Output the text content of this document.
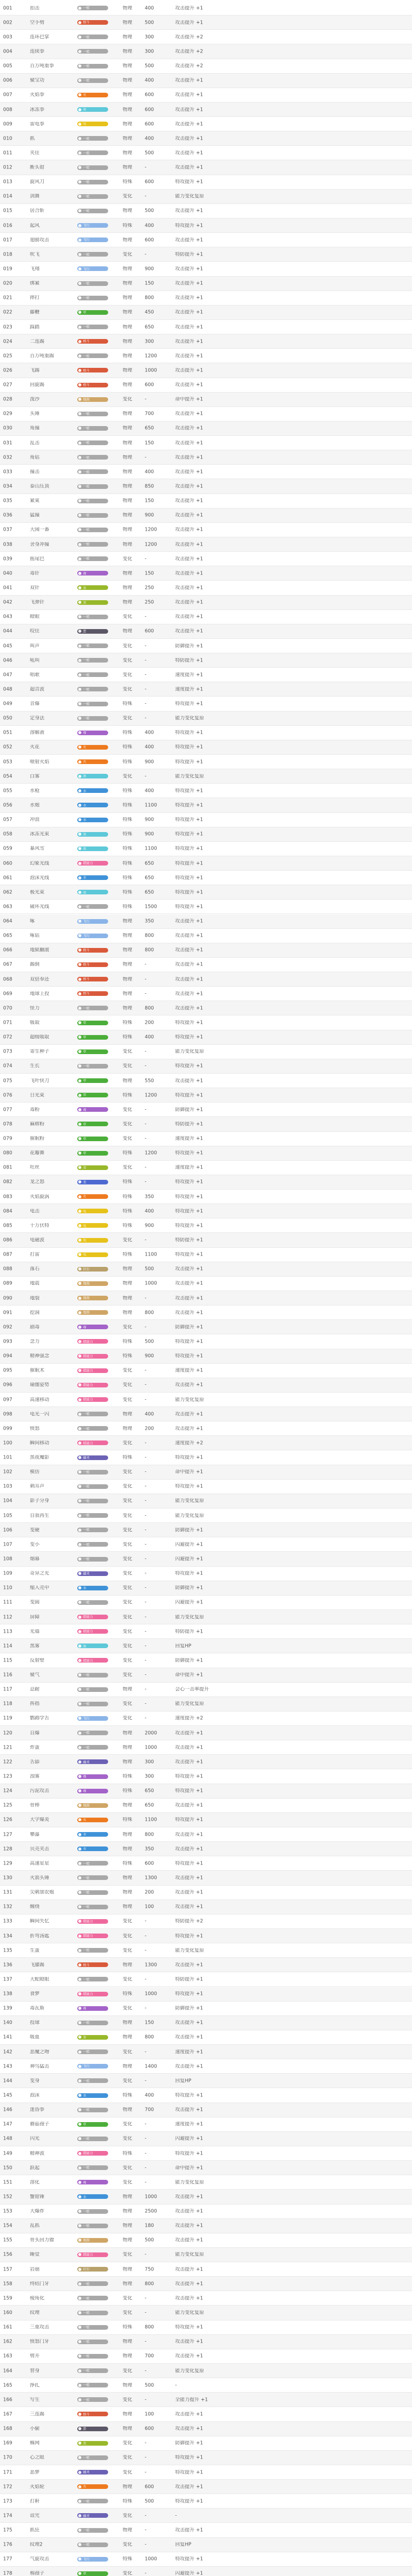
001	拍击	一般	物理	400	攻击提升 +1
002	空手劈	格斗	物理	500	攻击提升 +1
003	连环巴掌	一般	物理	300	攻击提升 +2
004	连续拳	一般	物理	300	攻击提升 +2
005	百万吨重拳	一般	物理	500	攻击提升 +2
006	聚宝功	一般	物理	400	攻击提升 +1
007	火焰拳	火	物理	600	攻击提升 +1
008	冰冻拳	冰	物理	600	攻击提升 +1
009	雷电拳	电	物理	600	攻击提升 +1
010	抓	一般	物理	400	攻击提升 +1
011	夹住	一般	物理	500	攻击提升 +1
012	断头钳	一般	物理	-	攻击提升 +1
013	旋风刀	一般	特殊	600	特攻提升 +1
014	剑舞	一般	变化	-	能力变化复原
015	居合斩	一般	物理	500	攻击提升 +1
016	起风	飞行	特殊	400	特攻提升 +1
017	翅膀攻击	飞行	物理	600	攻击提升 +1
018	吹飞	一般	变化	-	特防提升 +1
019	飞翔	飞行	物理	900	攻击提升 +1
020	绑紧	一般	物理	150	攻击提升 +1
021	摔打	一般	物理	800	攻击提升 +1
022	藤鞭	草	物理	450	攻击提升 +1
023	踩踏	一般	物理	650	攻击提升 +1
024	二连踢	格斗	物理	300	攻击提升 +1
025	百万吨重踢	一般	物理	1200	攻击提升 +1
026	飞踢	格斗	物理	1000	攻击提升 +1
027	回旋踢	格斗	物理	600	攻击提升 +1
028	泼沙	地面	变化	-	命中提升 +1
029	头锤	一般	物理	700	攻击提升 +1
030	角撞	一般	物理	650	攻击提升 +1
031	乱击	一般	物理	150	攻击提升 +1
032	角钻	一般	物理	-	攻击提升 +1
033	撞击	一般	物理	400	攻击提升 +1
034	泰山压顶	一般	物理	850	攻击提升 +1
035	紧束	一般	物理	150	攻击提升 +1
036	猛撞	一般	物理	900	攻击提升 +1
037	大闹一番	一般	物理	1200	攻击提升 +1
038	舍身冲撞	一般	物理	1200	攻击提升 +1
039	摇尾巴	一般	变化	-	攻击提升 +1
040	毒针	毒	物理	150	攻击提升 +1
041	双针	虫	物理	250	攻击提升 +1
042	飞弹针	虫	物理	250	攻击提升 +1
043	瞪眼	一般	变化	-	攻击提升 +1
044	咬住	恶	物理	600	攻击提升 +1
045	叫声	一般	变化	-	防御提升 +1
046	吼叫	一般	变化	-	特防提升 +1
047	唱歌	一般	变化	-	速度提升 +1
048	超音波	一般	变化	-	速度提升 +1
049	音爆	一般	特殊	-	特攻提升 +1
050	定身法	一般	变化	-	能力变化复原
051	溶解液	毒	特殊	400	特攻提升 +1
052	火花	火	特殊	400	特攻提升 +1
053	喷射火焰	火	特殊	900	特攻提升 +1
054	白雾	冰	变化	-	能力变化复原
055	水枪	水	特殊	400	特攻提升 +1
056	水炮	水	特殊	1100	特攻提升 +1
057	冲浪	水	特殊	900	特攻提升 +1
058	冰冻光束	冰	特殊	900	特攻提升 +1
059	暴风雪	冰	特殊	1100	特攻提升 +1
060	幻象光线	超能力	特殊	650	特攻提升 +1
061	泡沫光线	水	特殊	650	特攻提升 +1
062	极光束	冰	特殊	650	特攻提升 +1
063	破坏光线	一般	特殊	1500	特攻提升 +1
064	啄	飞行	物理	350	攻击提升 +1
065	啄钻	飞行	物理	800	攻击提升 +1
066	地狱翻滚	格斗	物理	800	攻击提升 +1
067	踢倒	格斗	物理	-	攻击提升 +1
068	双倍奉还	格斗	物理	-	攻击提升 +1
069	地球上投	格斗	物理	-	攻击提升 +1
070	怪力	一般	物理	800	攻击提升 +1
071	吸取	草	特殊	200	特攻提升 +1
072	超级吸取	草	特殊	400	特攻提升 +1
073	寄生种子	草	变化	-	能力变化复原
074	生长	一般	变化	-	特攻提升 +1
075	飞叶快刀	草	物理	550	攻击提升 +1
076	日光束	草	特殊	1200	特攻提升 +1
077	毒粉	毒	变化	-	防御提升 +1
078	麻痹粉	草	变化	-	特防提升 +1
079	催眠粉	草	变化	-	速度提升 +1
080	花瓣舞	草	特殊	1200	特攻提升 +1
081	吐丝	虫	变化	-	速度提升 +1
082	龙之怒	龙	特殊	-	特攻提升 +1
083	火焰旋涡	火	特殊	350	特攻提升 +1
084	电击	电	特殊	400	特攻提升 +1
085	十万伏特	电	特殊	900	特攻提升 +1
086	电磁波	电	变化	-	特防提升 +1
087	打雷	电	特殊	1100	特攻提升 +1
088	落石	岩石	物理	500	攻击提升 +1
089	地震	地面	物理	1000	攻击提升 +1
090	地裂	地面	物理	-	攻击提升 +1
091	挖洞	地面	物理	800	攻击提升 +1
092	剧毒	毒	变化	-	防御提升 +1
093	念力	超能力	特殊	500	特攻提升 +1
094	精神强念	超能力	特殊	900	特攻提升 +1
095	催眠术	超能力	变化	-	速度提升 +1
096	瑜伽姿势	超能力	变化	-	攻击提升 +1
097	高速移动	超能力	变化	-	能力变化复原
098	电光一闪	一般	物理	400	攻击提升 +1
099	愤怒	一般	物理	200	攻击提升 +1
100	瞬间移动	超能力	变化	-	速度提升 +2
101	黑夜魔影	幽灵	特殊	-	特攻提升 +1
102	模仿	一般	变化	-	命中提升 +1
103	刺耳声	一般	变化	-	特攻提升 +1
104	影子分身	一般	变化	-	能力变化复原
105	自我再生	一般	变化	-	能力变化复原
106	变硬	一般	变化	-	防御提升 +1
107	变小	一般	变化	-	闪避提升 +1
108	烟幕	一般	变化	-	闪避提升 +1
109	奇异之光	幽灵	变化	-	特攻提升 +1
110	缩入壳中	水	变化	-	防御提升 +1
111	变圆	一般	变化	-	闪避提升 +1
112	屏障	超能力	变化	-	能力变化复原
113	光墙	超能力	变化	-	特防提升 +1
114	黑雾	冰	变化	-	回复HP
115	反射壁	超能力	变化	-	防御提升 +1
116	聚气	一般	变化	-	命中提升 +1
117	忍耐	一般	物理	-	会心一击率提升
118	挥指	一般	变化	-	能力变化复原
119	鹦鹉学舌	飞行	变化	-	速度提升 +2
120	自爆	一般	物理	2000	攻击提升 +1
121	炸蛋	一般	物理	1000	攻击提升 +1
122	舌舔	幽灵	物理	300	攻击提升 +1
123	浊雾	毒	特殊	300	特攻提升 +1
124	污泥攻击	毒	特殊	650	特攻提升 +1
125	骨棒	地面	物理	650	攻击提升 +1
126	大字爆炎	火	特殊	1100	特攻提升 +1
127	攀瀑	水	物理	800	攻击提升 +1
128	贝壳夹击	水	物理	350	攻击提升 +1
129	高速星星	一般	特殊	600	特攻提升 +1
130	火箭头锤	一般	物理	1300	攻击提升 +1
131	尖刺加农炮	一般	物理	200	攻击提升 +1
132	缠绕	一般	物理	100	攻击提升 +1
133	瞬间失忆	超能力	变化	-	特防提升 +2
134	折弯汤匙	超能力	变化	-	特攻提升 +1
135	生蛋	一般	变化	-	能力变化复原
136	飞膝踢	格斗	物理	1300	攻击提升 +1
137	大蛇瞪眼	一般	变化	-	特防提升 +1
138	食梦	超能力	特殊	1000	特攻提升 +1
139	毒瓦斯	毒	变化	-	防御提升 +1
140	投球	一般	物理	150	攻击提升 +1
141	吸血	虫	物理	800	攻击提升 +1
142	恶魔之吻	一般	变化	-	速度提升 +1
143	神鸟猛击	飞行	物理	1400	攻击提升 +1
144	变身	一般	变化	-	回复HP
145	泡沫	水	特殊	400	特攻提升 +1
146	迷昏拳	一般	物理	700	攻击提升 +1
147	蘑菇孢子	草	变化	-	速度提升 +1
148	闪光	一般	变化	-	闪避提升 +1
149	精神波	超能力	特殊	-	特攻提升 +1
150	跃起	一般	变化	-	命中提升 +1
151	溶化	毒	变化	-	能力变化复原
152	蟹钳锤	水	物理	1000	攻击提升 +1
153	大爆炸	一般	物理	2500	攻击提升 +1
154	乱抓	一般	物理	180	攻击提升 +1
155	骨头回力镖	地面	物理	500	攻击提升 +1
156	睡觉	超能力	变化	-	能力变化复原
157	岩崩	岩石	物理	750	攻击提升 +1
158	终结门牙	一般	物理	800	攻击提升 +1
159	棱角化	一般	变化	-	攻击提升 +1
160	纹理	一般	变化	-	能力变化复原
161	三重攻击	一般	特殊	800	特攻提升 +1
162	愤怒门牙	一般	物理	-	攻击提升 +1
163	劈开	一般	物理	700	攻击提升 +1
164	替身	一般	变化	-	能力变化复原
165	挣扎	一般	物理	500	-
166	写生	一般	变化	-	全能力提升 +1
167	三连踢	格斗	物理	100	攻击提升 +1
168	小偷	恶	物理	600	攻击提升 +1
169	蛛网	虫	变化	-	防御提升 +1
170	心之眼	一般	变化	-	特攻提升 +1
171	恶梦	幽灵	变化	-	特攻提升 +1
172	火焰轮	火	物理	600	攻击提升 +1
173	打鼾	一般	特殊	500	特攻提升 +1
174	诅咒	幽灵	变化	-	-
175	抓狂	一般	物理	-	攻击提升 +1
176	纹理2	一般	变化	-	回复HP
177	气旋攻击	飞行	特殊	1000	特攻提升 +1
178	棉孢子	草	变化	-	闪避提升 +1
